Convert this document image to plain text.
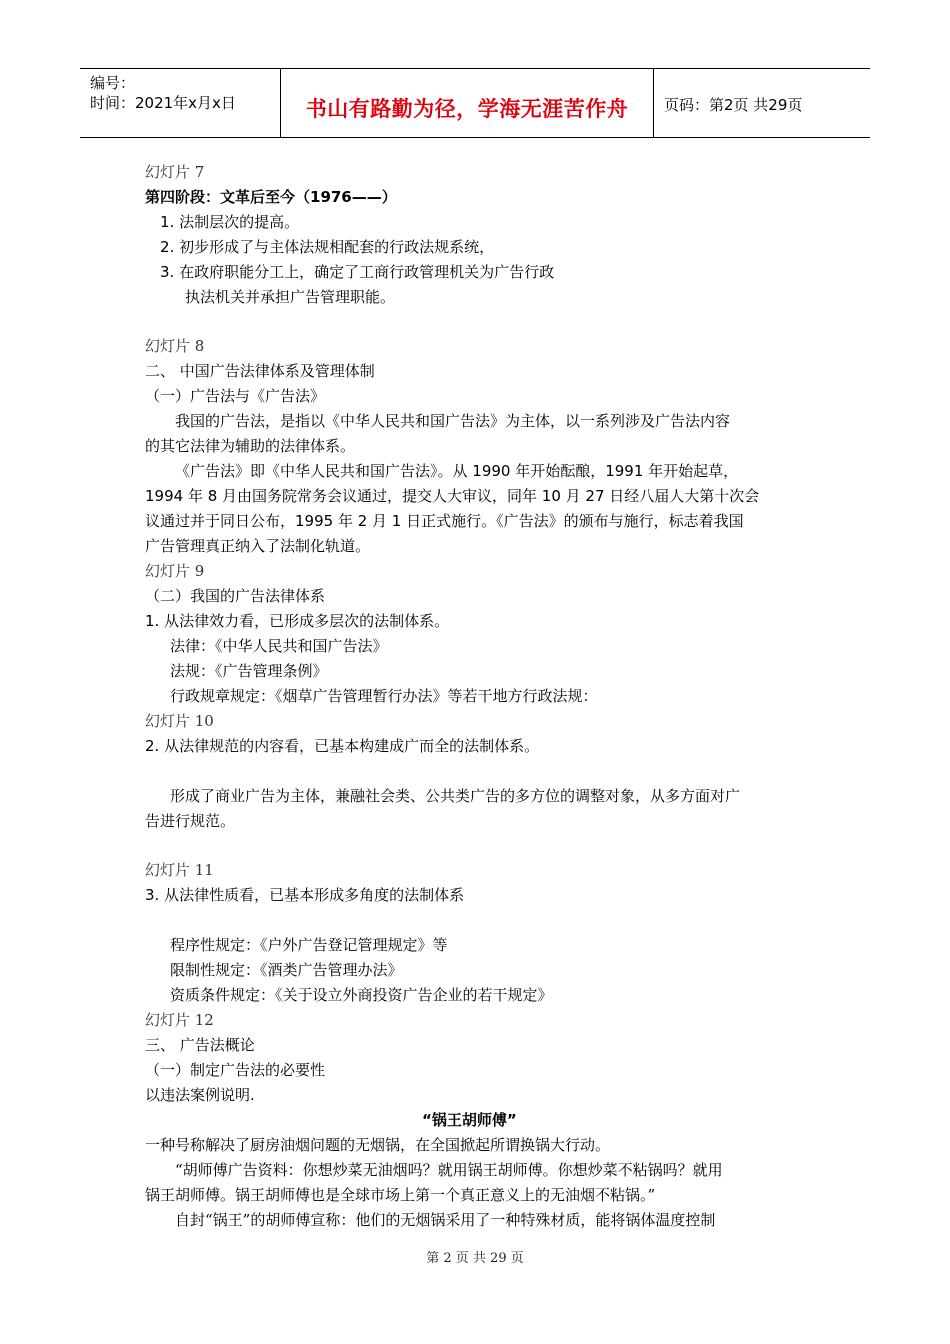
编号：
时间：2021年x月x日	书山有路勤为径，学海无涯苦作舟	页码：第2页 共29页
幻灯片 7
第四阶段：文革后至今（1976——）
1. 法制层次的提高。
2. 初步形成了与主体法规相配套的行政法规系统，
3. 在政府职能分工上，确定了工商行政管理机关为广告行政
执法机关并承担广告管理职能。
幻灯片 8
二、 中国广告法律体系及管理体制
（一）广告法与《广告法》
我国的广告法，是指以《中华人民共和国广告法》为主体，以一系列涉及广告法内容
的其它法律为辅助的法律体系。
《广告法》即《中华人民共和国广告法》。从 1990 年开始酝酿，1991 年开始起草，
1994 年 8 月由国务院常务会议通过，提交人大审议，同年 10 月 27 日经八届人大第十次会
议通过并于同日公布，1995 年 2 月 1 日正式施行。《广告法》的颁布与施行，标志着我国
广告管理真正纳入了法制化轨道。
幻灯片 9
（二）我国的广告法律体系
1. 从法律效力看，已形成多层次的法制体系。
法律：《中华人民共和国广告法》
法规：《广告管理条例》
行政规章规定：《烟草广告管理暂行办法》等若干地方行政法规：
幻灯片 10
2. 从法律规范的内容看，已基本构建成广而全的法制体系。
形成了商业广告为主体，兼融社会类、公共类广告的多方位的调整对象，从多方面对广
告进行规范。
幻灯片 11
3. 从法律性质看，已基本形成多角度的法制体系
程序性规定：《户外广告登记管理规定》等
限制性规定：《酒类广告管理办法》
资质条件规定：《关于设立外商投资广告企业的若干规定》
幻灯片 12
三、 广告法概论
（一）制定广告法的必要性
以违法案例说明.
“锅王胡师傅”
一种号称解决了厨房油烟问题的无烟锅，在全国掀起所谓换锅大行动。
“胡师傅广告资料：你想炒菜无油烟吗？就用锅王胡师傅。你想炒菜不粘锅吗？就用
锅王胡师傅。锅王胡师傅也是全球市场上第一个真正意义上的无油烟不粘锅。”
自封“锅王”的胡师傅宣称：他们的无烟锅采用了一种特殊材质，能将锅体温度控制
第 2 页 共 29 页
